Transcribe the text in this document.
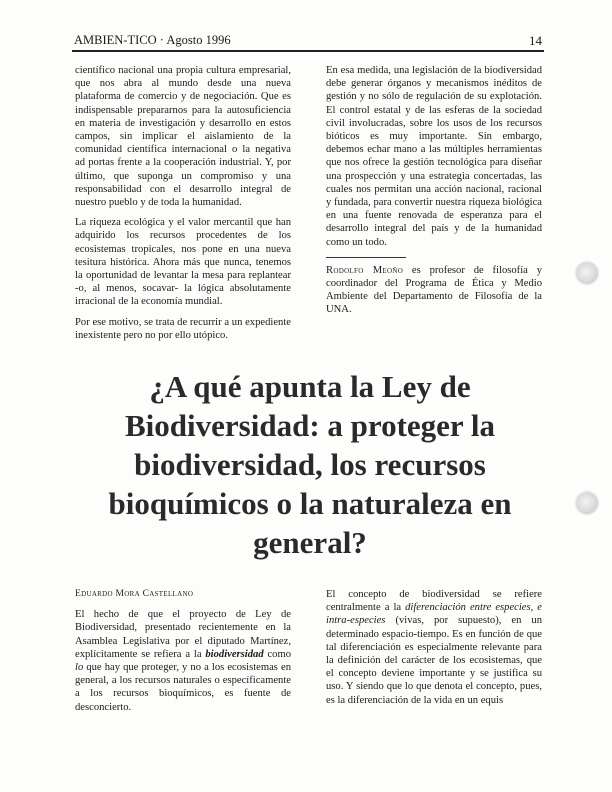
AMBIEN-TICO · Agosto 1996	14

científico nacional una propia cultura empresarial, que nos abra al mundo desde una nueva plataforma de comercio y de negociación. Que es indispensable prepararnos para la autosuficiencia en materia de investigación y desarrollo en estos campos, sin implicar el aislamiento de la comunidad científica internacional o la negativa ad portas frente a la cooperación industrial. Y, por último, que suponga un compromiso y una responsabilidad con el desarrollo integral de nuestro pueblo y de toda la humanidad.

La riqueza ecológica y el valor mercantil que han adquirido los recursos procedentes de los ecosistemas tropicales, nos pone en una nueva tesitura histórica. Ahora más que nunca, tenemos la oportunidad de levantar la mesa para replantear -o, al menos, socavar- la lógica absolutamente irracional de la economía mundial.

Por ese motivo, se trata de recurrir a un expediente inexistente pero no por ello utópico.

En esa medida, una legislación de la biodiversidad debe generar órganos y mecanismos inéditos de gestión y no sólo de regulación de su explotación. El control estatal y de las esferas de la sociedad civil involucradas, sobre los usos de los recursos bióticos es muy importante. Sin embargo, debemos echar mano a las múltiples herramientas que nos ofrece la gestión tecnológica para diseñar una prospección y una estrategia concertadas, las cuales nos permitan una acción nacional, racional y fundada, para convertir nuestra riqueza biológica en una fuente renovada de esperanza para el desarrollo integral del país y de la humanidad como un todo.

Rodolfo Meoño es profesor de filosofía y coordinador del Programa de Ética y Medio Ambiente del Departamento de Filosofía de la UNA.

¿A qué apunta la Ley de Biodiversidad: a proteger la biodiversidad, los recursos bioquímicos o la naturaleza en general?
Eduardo Mora Castellano

El hecho de que el proyecto de Ley de Biodiversidad, presentado recientemente en la Asamblea Legislativa por el diputado Martínez, explícitamente se refiera a la biodiversidad como lo que hay que proteger, y no a los ecosistemas en general, a los recursos naturales o específicamente a los recursos bioquímicos, es fuente de desconcierto.

El concepto de biodiversidad se refiere centralmente a la diferenciación entre especies, e intra-especies (vivas, por supuesto), en un determinado espacio-tiempo. Es en función de que tal diferenciación es especialmente relevante para la definición del carácter de los ecosistemas, que el concepto deviene importante y se justifica su uso. Y siendo que lo que denota el concepto, pues, es la diferenciación de la vida en un equis
